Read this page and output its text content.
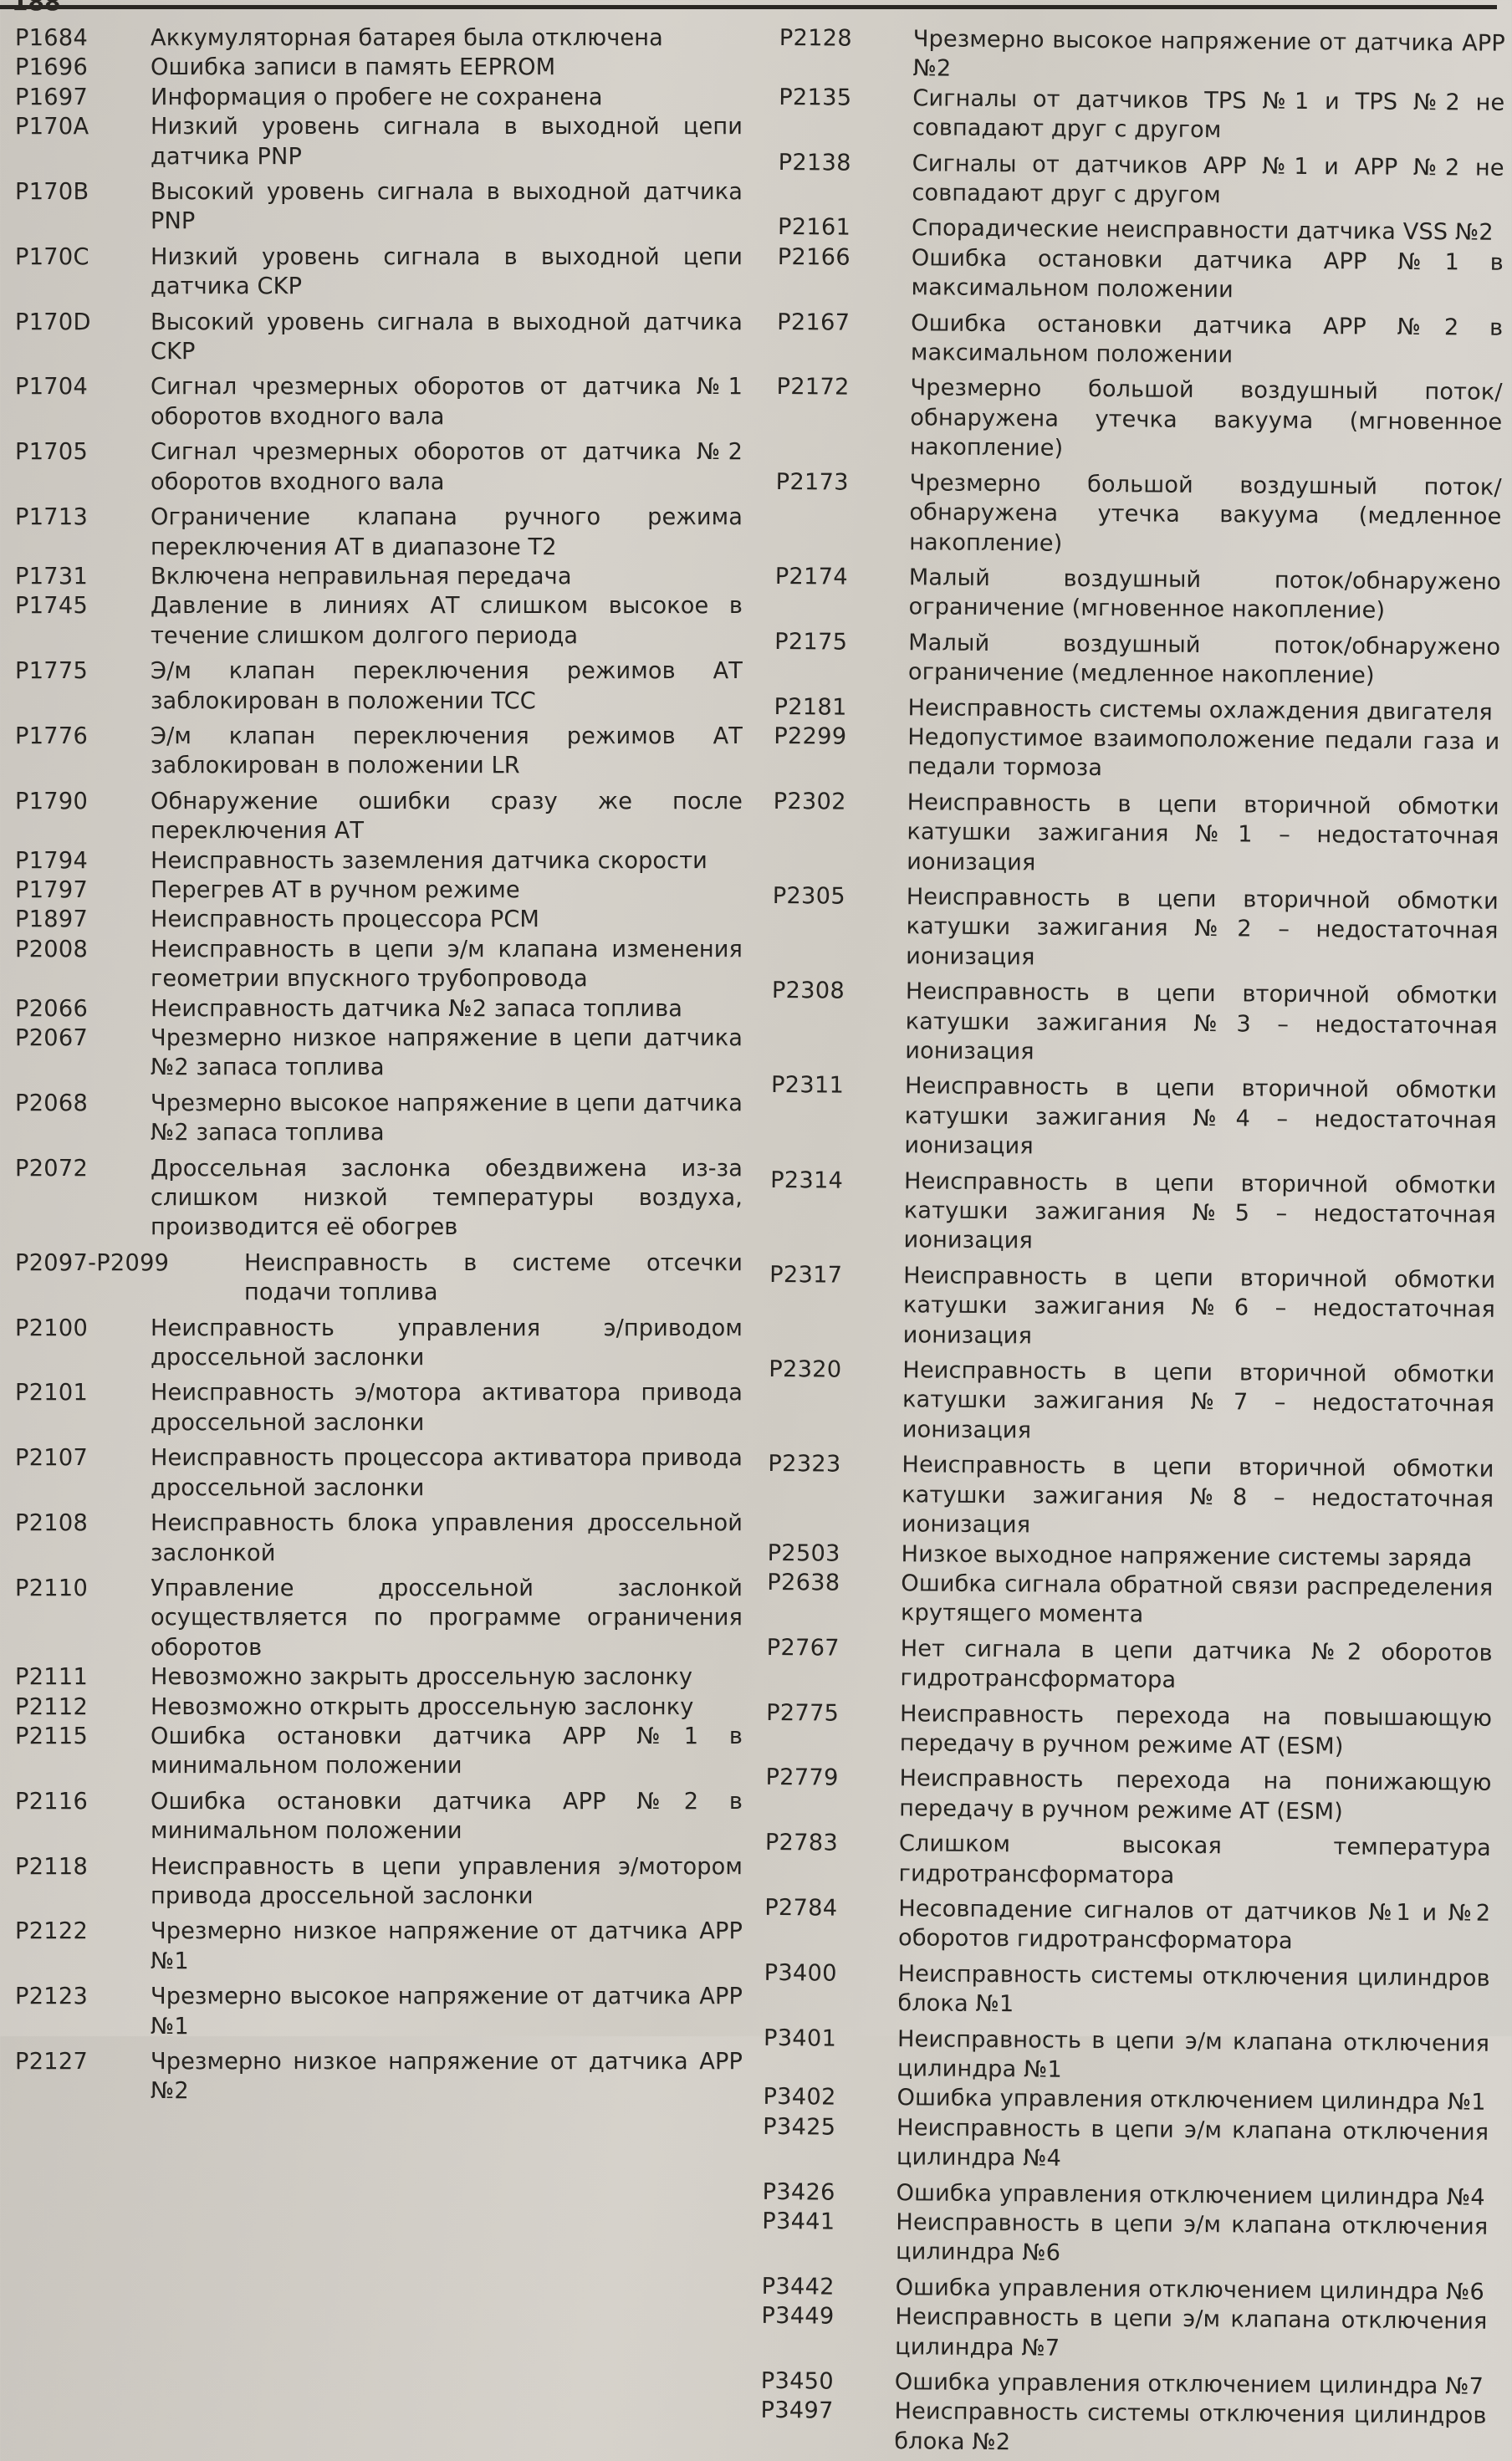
P1684	Аккумуляторная батарея была отключена
P1696	Ошибка записи в память EEPROM
P1697	Информация о пробеге не сохранена
P170A	Низкий уровень сигнала в выходной цепи датчика PNP
P170B	Высокий уровень сигнала в выходной датчика PNP
P170C	Низкий уровень сигнала в выходной цепи датчика CKP
P170D	Высокий уровень сигнала в выходной датчика CKP
P1704	Сигнал чрезмерных оборотов от датчика №1 оборотов входного вала
P1705	Сигнал чрезмерных оборотов от датчика №2 оборотов входного вала
P1713	Ограничение клапана ручного режима переключения АТ в диапазоне Т2
P1731	Включена неправильная передача
P1745	Давление в линиях АТ слишком высокое в течение слишком долгого периода
P1775	Э/м клапан переключения режимов АТ заблокирован в положении TCC
P1776	Э/м клапан переключения режимов АТ заблокирован в положении LR
P1790	Обнаружение ошибки сразу же после переключения АТ
P1794	Неисправность заземления датчика скорости
P1797	Перегрев АТ в ручном режиме
P1897	Неисправность процессора PCM
P2008	Неисправность в цепи э/м клапана изменения геометрии впускного трубопровода
P2066	Неисправность датчика №2 запаса топлива
P2067	Чрезмерно низкое напряжение в цепи датчика №2 запаса топлива
P2068	Чрезмерно высокое напряжение в цепи датчика №2 запаса топлива
P2072	Дроссельная заслонка обездвижена из-за слишком низкой температуры воздуха, производится её обогрев
P2097-P2099	Неисправность в системе отсечки подачи топлива
P2100	Неисправность управления э/приводом дроссельной заслонки
P2101	Неисправность э/мотора активатора привода дроссельной заслонки
P2107	Неисправность процессора активатора привода дроссельной заслонки
P2108	Неисправность блока управления дроссельной заслонкой
P2110	Управление дроссельной заслонкой осуществляется по программе ограничения оборотов
P2111	Невозможно закрыть дроссельную заслонку
P2112	Невозможно открыть дроссельную заслонку
P2115	Ошибка остановки датчика APP №1 в минимальном положении
P2116	Ошибка остановки датчика APP №2 в минимальном положении
P2118	Неисправность в цепи управления э/мотором привода дроссельной заслонки
P2122	Чрезмерно низкое напряжение от датчика APP №1
P2123	Чрезмерно высокое напряжение от датчика APP №1
P2127	Чрезмерно низкое напряжение от датчика APP №2
P2128	Чрезмерно высокое напряжение от датчика APP №2
P2135	Сигналы от датчиков TPS №1 и TPS №2 не совпадают друг с другом
P2138	Сигналы от датчиков APP №1 и APP №2 не совпадают друг с другом
P2161	Спорадические неисправности датчика VSS №2
P2166	Ошибка остановки датчика APP №1 в максимальном положении
P2167	Ошибка остановки датчика APP №2 в максимальном положении
P2172	Чрезмерно большой воздушный поток/обнаружена утечка вакуума (мгновенное накопление)
P2173	Чрезмерно большой воздушный поток/обнаружена утечка вакуума (медленное накопление)
P2174	Малый воздушный поток/обнаружено ограничение (мгновенное накопление)
P2175	Малый воздушный поток/обнаружено ограничение (медленное накопление)
P2181	Неисправность системы охлаждения двигателя
P2299	Недопустимое взаимоположение педали газа и педали тормоза
P2302	Неисправность в цепи вторичной обмотки катушки зажигания №1 – недостаточная ионизация
P2305	Неисправность в цепи вторичной обмотки катушки зажигания №2 – недостаточная ионизация
P2308	Неисправность в цепи вторичной обмотки катушки зажигания №3 – недостаточная ионизация
P2311	Неисправность в цепи вторичной обмотки катушки зажигания №4 – недостаточная ионизация
P2314	Неисправность в цепи вторичной обмотки катушки зажигания №5 – недостаточная ионизация
P2317	Неисправность в цепи вторичной обмотки катушки зажигания №6 – недостаточная ионизация
P2320	Неисправность в цепи вторичной обмотки катушки зажигания №7 – недостаточная ионизация
P2323	Неисправность в цепи вторичной обмотки катушки зажигания №8 – недостаточная ионизация
P2503	Низкое выходное напряжение системы заряда
P2638	Ошибка сигнала обратной связи распределения крутящего момента
P2767	Нет сигнала в цепи датчика №2 оборотов гидротрансформатора
P2775	Неисправность перехода на повышающую передачу в ручном режиме АТ (ESM)
P2779	Неисправность перехода на понижающую передачу в ручном режиме АТ (ESM)
P2783	Слишком высокая температура гидротрансформатора
P2784	Несовпадение сигналов от датчиков №1 и №2 оборотов гидротрансформатора
P3400	Неисправность системы отключения цилиндров блока №1
P3401	Неисправность в цепи э/м клапана отключения цилиндра №1
P3402	Ошибка управления отключением цилиндра №1
P3425	Неисправность в цепи э/м клапана отключения цилиндра №4
P3426	Ошибка управления отключением цилиндра №4
P3441	Неисправность в цепи э/м клапана отключения цилиндра №6
P3442	Ошибка управления отключением цилиндра №6
P3449	Неисправность в цепи э/м клапана отключения цилиндра №7
P3450	Ошибка управления отключением цилиндра №7
P3497	Неисправность системы отключения цилиндров блока №2
